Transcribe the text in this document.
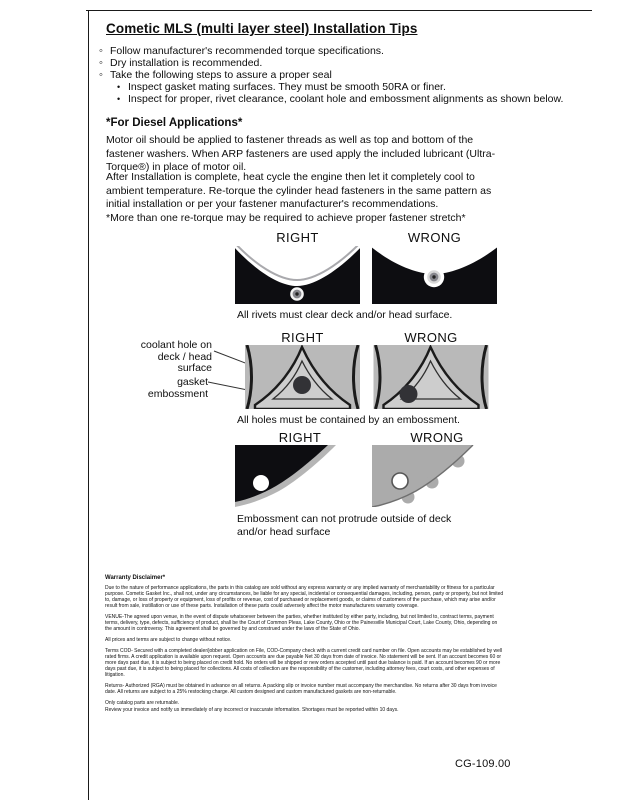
Cometic MLS (multi layer steel) Installation Tips
◦Follow manufacturer's recommended torque specifications.
◦Dry installation is recommended.
◦Take the following steps to assure a proper seal
•Inspect gasket mating surfaces. They must be smooth 50RA or finer.
•Inspect for proper, rivet clearance, coolant hole and embossment alignments as shown below.
*For Diesel Applications*
Motor oil should be applied to fastener threads as well as top and bottom of the fastener washers. When ARP fasteners are used apply the included lubricant (Ultra-Torque®) in place of motor oil.
After Installation is complete, heat cycle the engine then let it completely cool to ambient temperature. Re-torque the cylinder head fasteners in the same pattern as initial installation or per your fastener manufacturer's recommendations.
*More than one re-torque may be required to achieve proper fastener stretch*
RIGHT	WRONG
All rivets must clear deck and/or head surface.
RIGHT	WRONG
coolant hole on
deck / head surface
gasket embossment
All holes must be contained by an embossment.
RIGHT	WRONG
Embossment can not protrude outside of deck
and/or head surface
Warranty Disclaimer*

Due to the nature of performance applications, the parts in this catalog are sold without any express warranty or any implied warranty of merchantability or fitness for a particular purpose. Cometic Gasket Inc., shall not, under any circumstances, be liable for any special, incidental or consequential damages, including, person, party or property, but not limited to, damage, or loss of property or equipment, loss of profits or revenue, cost of purchased or replacement goods, or claims of customers of the purchase, which may arise and/or result from sale, instillation or use of these parts. Installation of these parts could adversely affect the motor manufacturers warranty coverage.

VENUE-The agreed upon venue, in the event of dispute whatsoever between the parties, whether instituted by either party, including, but not limited to, contract terms, payment terms, delivery, type, defects, sufficiency of product, shall be the Court of Common Pleas, Lake County, Ohio or the Painesville Municipal Court, Lake County, Ohio, depending on the amount in controversy. This agreement shall be governed by and construed under the laws of the State of Ohio.

All prices and terms are subject to change without notice.

Terms COD- Secured with a completed dealer/jobber application on File, COD-Company check with a current credit card number on file. Open accounts may be established by well rated firms. A credit application is available upon request. Open accounts are due payable Net 30 days from date of invoice. No statement will be sent. If an account becomes 60 or more days past due, it is subject to being placed on credit hold. No orders will be shipped or new orders accepted until past due balance is paid. If an account becomes 90 or more days past due, it is subject to being placed for collections. All costs of collection are the responsibility of the customer, including attorney fees, court costs, and other expenses of litigation.

Returns- Authorized (RGA) must be obtained in advance on all returns. A packing slip or invoice number must accompany the merchandise. No returns after 30 days from invoice date. All returns are subject to a 25% restocking charge. All custom designed and custom manufactured gaskets are non-returnable.

Only catalog parts are returnable.

Review your invoice and notify us immediately of any incorrect or inaccurate information. Shortages must be reported within 10 days.

CG-109.00
